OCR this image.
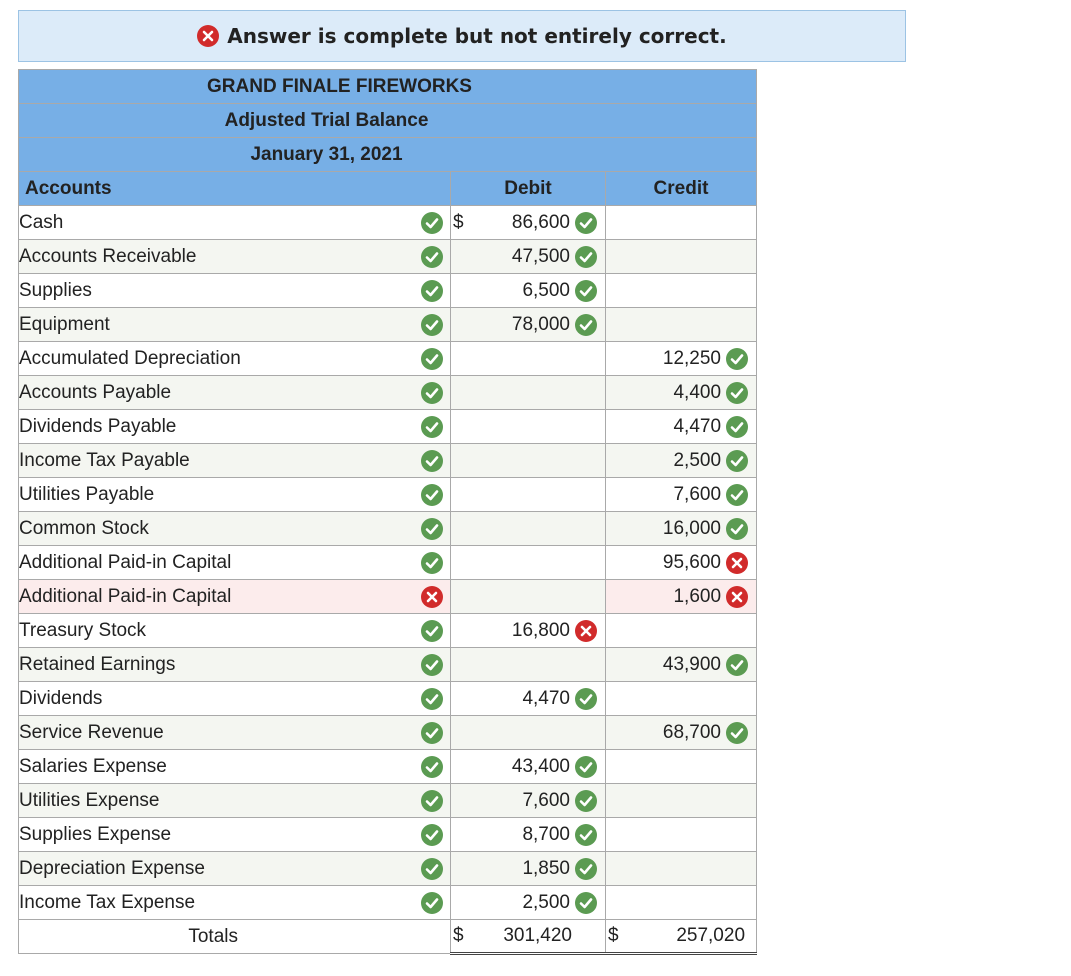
Answer is complete but not entirely correct.
GRAND FINALE FIREWORKS		
Adjusted Trial Balance		
January 31, 2021		
Accounts	Debit	Credit

Cash	$ 86,600	

Accounts Receivable	47,500	

Supplies	6,500	

Equipment	78,000	

Accumulated Depreciation		12,250

Accounts Payable		4,400

Dividends Payable		4,470

Income Tax Payable		2,500

Utilities Payable		7,600

Common Stock		16,000

Additional Paid-in Capital		95,600

Additional Paid-in Capital		1,600

Treasury Stock	16,800	

Retained Earnings		43,900

Dividends	4,470	

Service Revenue		68,700

Salaries Expense	43,400	

Utilities Expense	7,600	

Supplies Expense	8,700	

Depreciation Expense	1,850	

Income Tax Expense	2,500	

Totals	$ 301,420	$ 257,020
